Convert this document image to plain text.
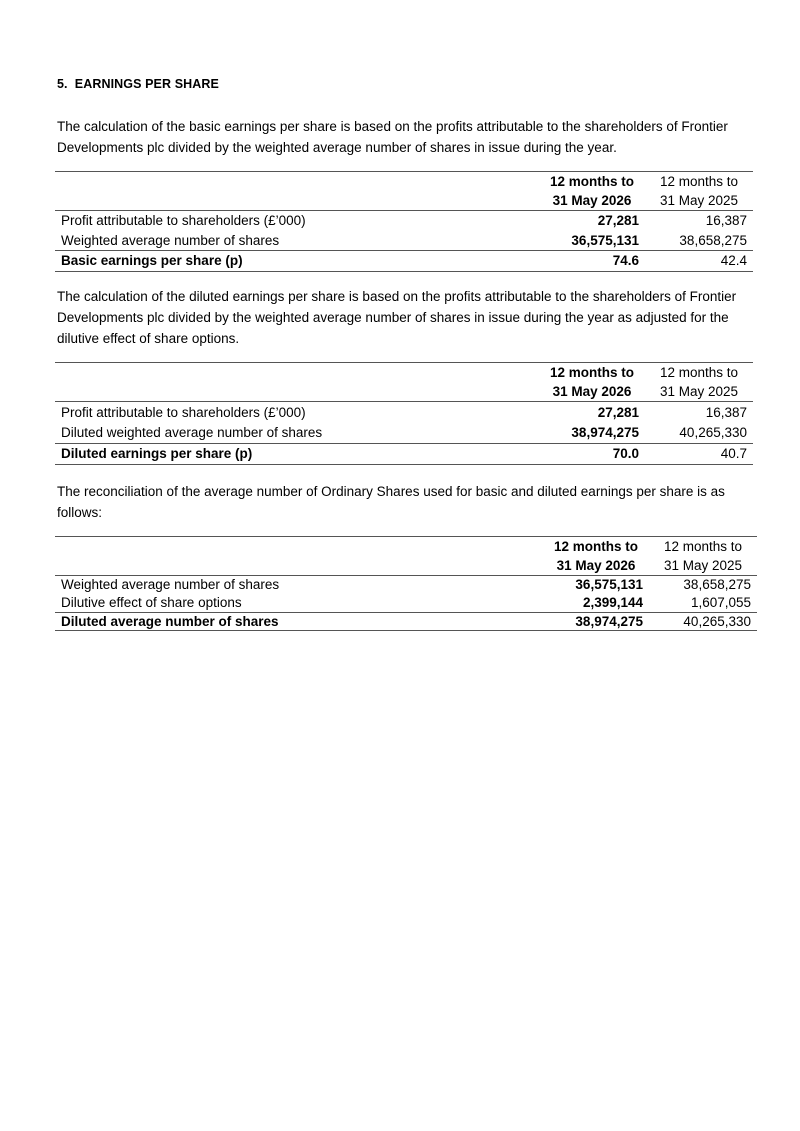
5.  EARNINGS PER SHARE
The calculation of the basic earnings per share is based on the profits attributable to the shareholders of Frontier Developments plc divided by the weighted average number of shares in issue during the year.
	12 months to	12 months to
	31 May 2026	31 May 2025
Profit attributable to shareholders (£’000)	27,281	16,387
Weighted average number of shares	36,575,131	38,658,275
Basic earnings per share (p)	74.6	42.4
The calculation of the diluted earnings per share is based on the profits attributable to the shareholders of Frontier Developments plc divided by the weighted average number of shares in issue during the year as adjusted for the dilutive effect of share options.
	12 months to	12 months to
	31 May 2026	31 May 2025
Profit attributable to shareholders (£’000)	27,281	16,387
Diluted weighted average number of shares	38,974,275	40,265,330
Diluted earnings per share (p)	70.0	40.7
The reconciliation of the average number of Ordinary Shares used for basic and diluted earnings per share is as follows:
	12 months to	12 months to
	31 May 2026	31 May 2025
Weighted average number of shares	36,575,131	38,658,275
Dilutive effect of share options	2,399,144	1,607,055
Diluted average number of shares	38,974,275	40,265,330
